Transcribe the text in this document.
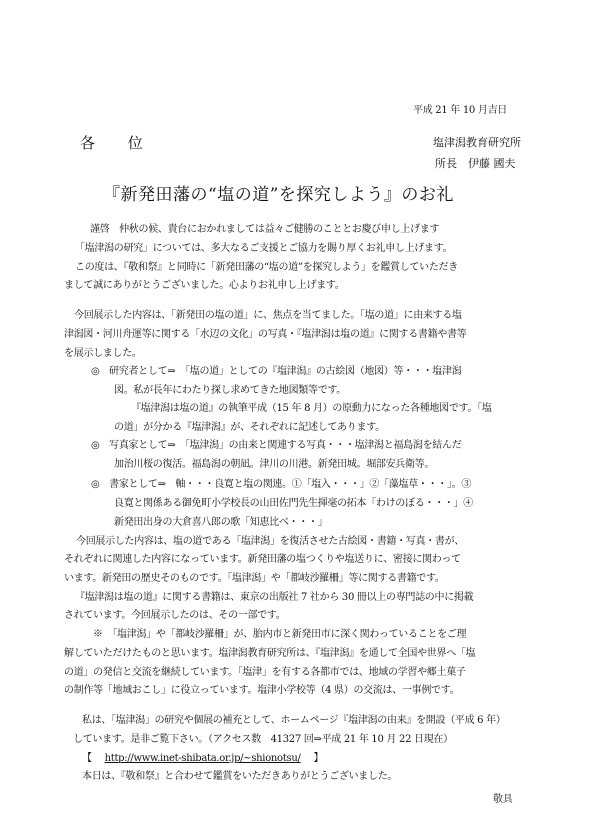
平成 21 年 10 月吉日
各 位	塩津潟教育研究所
所長　伊藤 國夫
『新発田藩の“塩の道”を探究しよう』のお礼
謹啓　仲秋の候、貴台におかれましては益々ご健勝のこととお慶び申し上げます
「塩津潟の研究」については、多大なるご支援とご協力を賜り厚くお礼申し上げます。
この度は、『敬和祭』と同時に「新発田藩の“塩の道”を探究しよう」を鑑賞していただき
まして誠にありがとうございました。心よりお礼申し上げます。
今回展示した内容は、「新発田の塩の道」に、焦点を当てました。「塩の道」に由来する塩
津潟図・河川舟運等に関する「水辺の文化」の写真・『塩津潟は塩の道』に関する書籍や書等
を展示しました。
◎　研究者として⇒　「塩の道」としての『塩津潟』の古絵図（地図）等・・・塩津潟
図。私が長年にわたり探し求めてきた地図類等です。
『塩津潟は塩の道』の執筆平成（15 年 8 月）の原動力になった各種地図です。「塩
の道」が分かる『塩津潟』が、それぞれに記述してあります。
◎　写真家として⇒　「塩津潟」の由来と関連する写真・・・塩津潟と福島潟を結んだ
加治川桜の復活。福島潟の朝凪。津川の川港。新発田城。堀部安兵衛等。
◎　書家として⇒　軸・・・良寛と塩の関連。①「塩入・・・」②「藻塩草・・・」。③
良寛と関係ある御免町小学校長の山田佐門先生揮毫の拓本「わけのぼる・・・」④
新発田出身の大倉喜八郎の歌「知恵比べ・・・」
今回展示した内容は、塩の道である「塩津潟」を復活させた古絵図・書籍・写真・書が、
それぞれに関連した内容になっています。新発田藩の塩つくりや塩送りに、密接に関わって
います。新発田の歴史そのものです。「塩津潟」や「都岐沙羅柵」等に関する書籍です。
『塩津潟は塩の道』に関する書籍は、東京の出版社 7 社から 30 冊以上の専門誌の中に掲載
されています。今回展示したのは、その一部です。
※　「塩津潟」や「都岐沙羅柵」が、胎内市と新発田市に深く関わっていることをご理
解していただけたものと思います。塩津潟教育研究所は、『塩津潟』を通して全国や世界へ「塩
の道」の発信と交流を継続しています。「塩津」を有する各都市では、地域の学習や郷土菓子
の制作等「地域おこし」に役立っています。塩津小学校等（4 県）の交流は、一事例です。
私は、「塩津潟」の研究や個展の補充として、ホームページ『塩津潟の由来』を開設（平成 6 年）
しています。是非ご覧下さい。（アクセス数　41327 回⇒平成 21 年 10 月 22 日現在）
【 http://www.inet-shibata.or.jp/~shionotsu/ 】
本日は、『敬和祭』と合わせて鑑賞をいただきありがとうございました。
敬具
